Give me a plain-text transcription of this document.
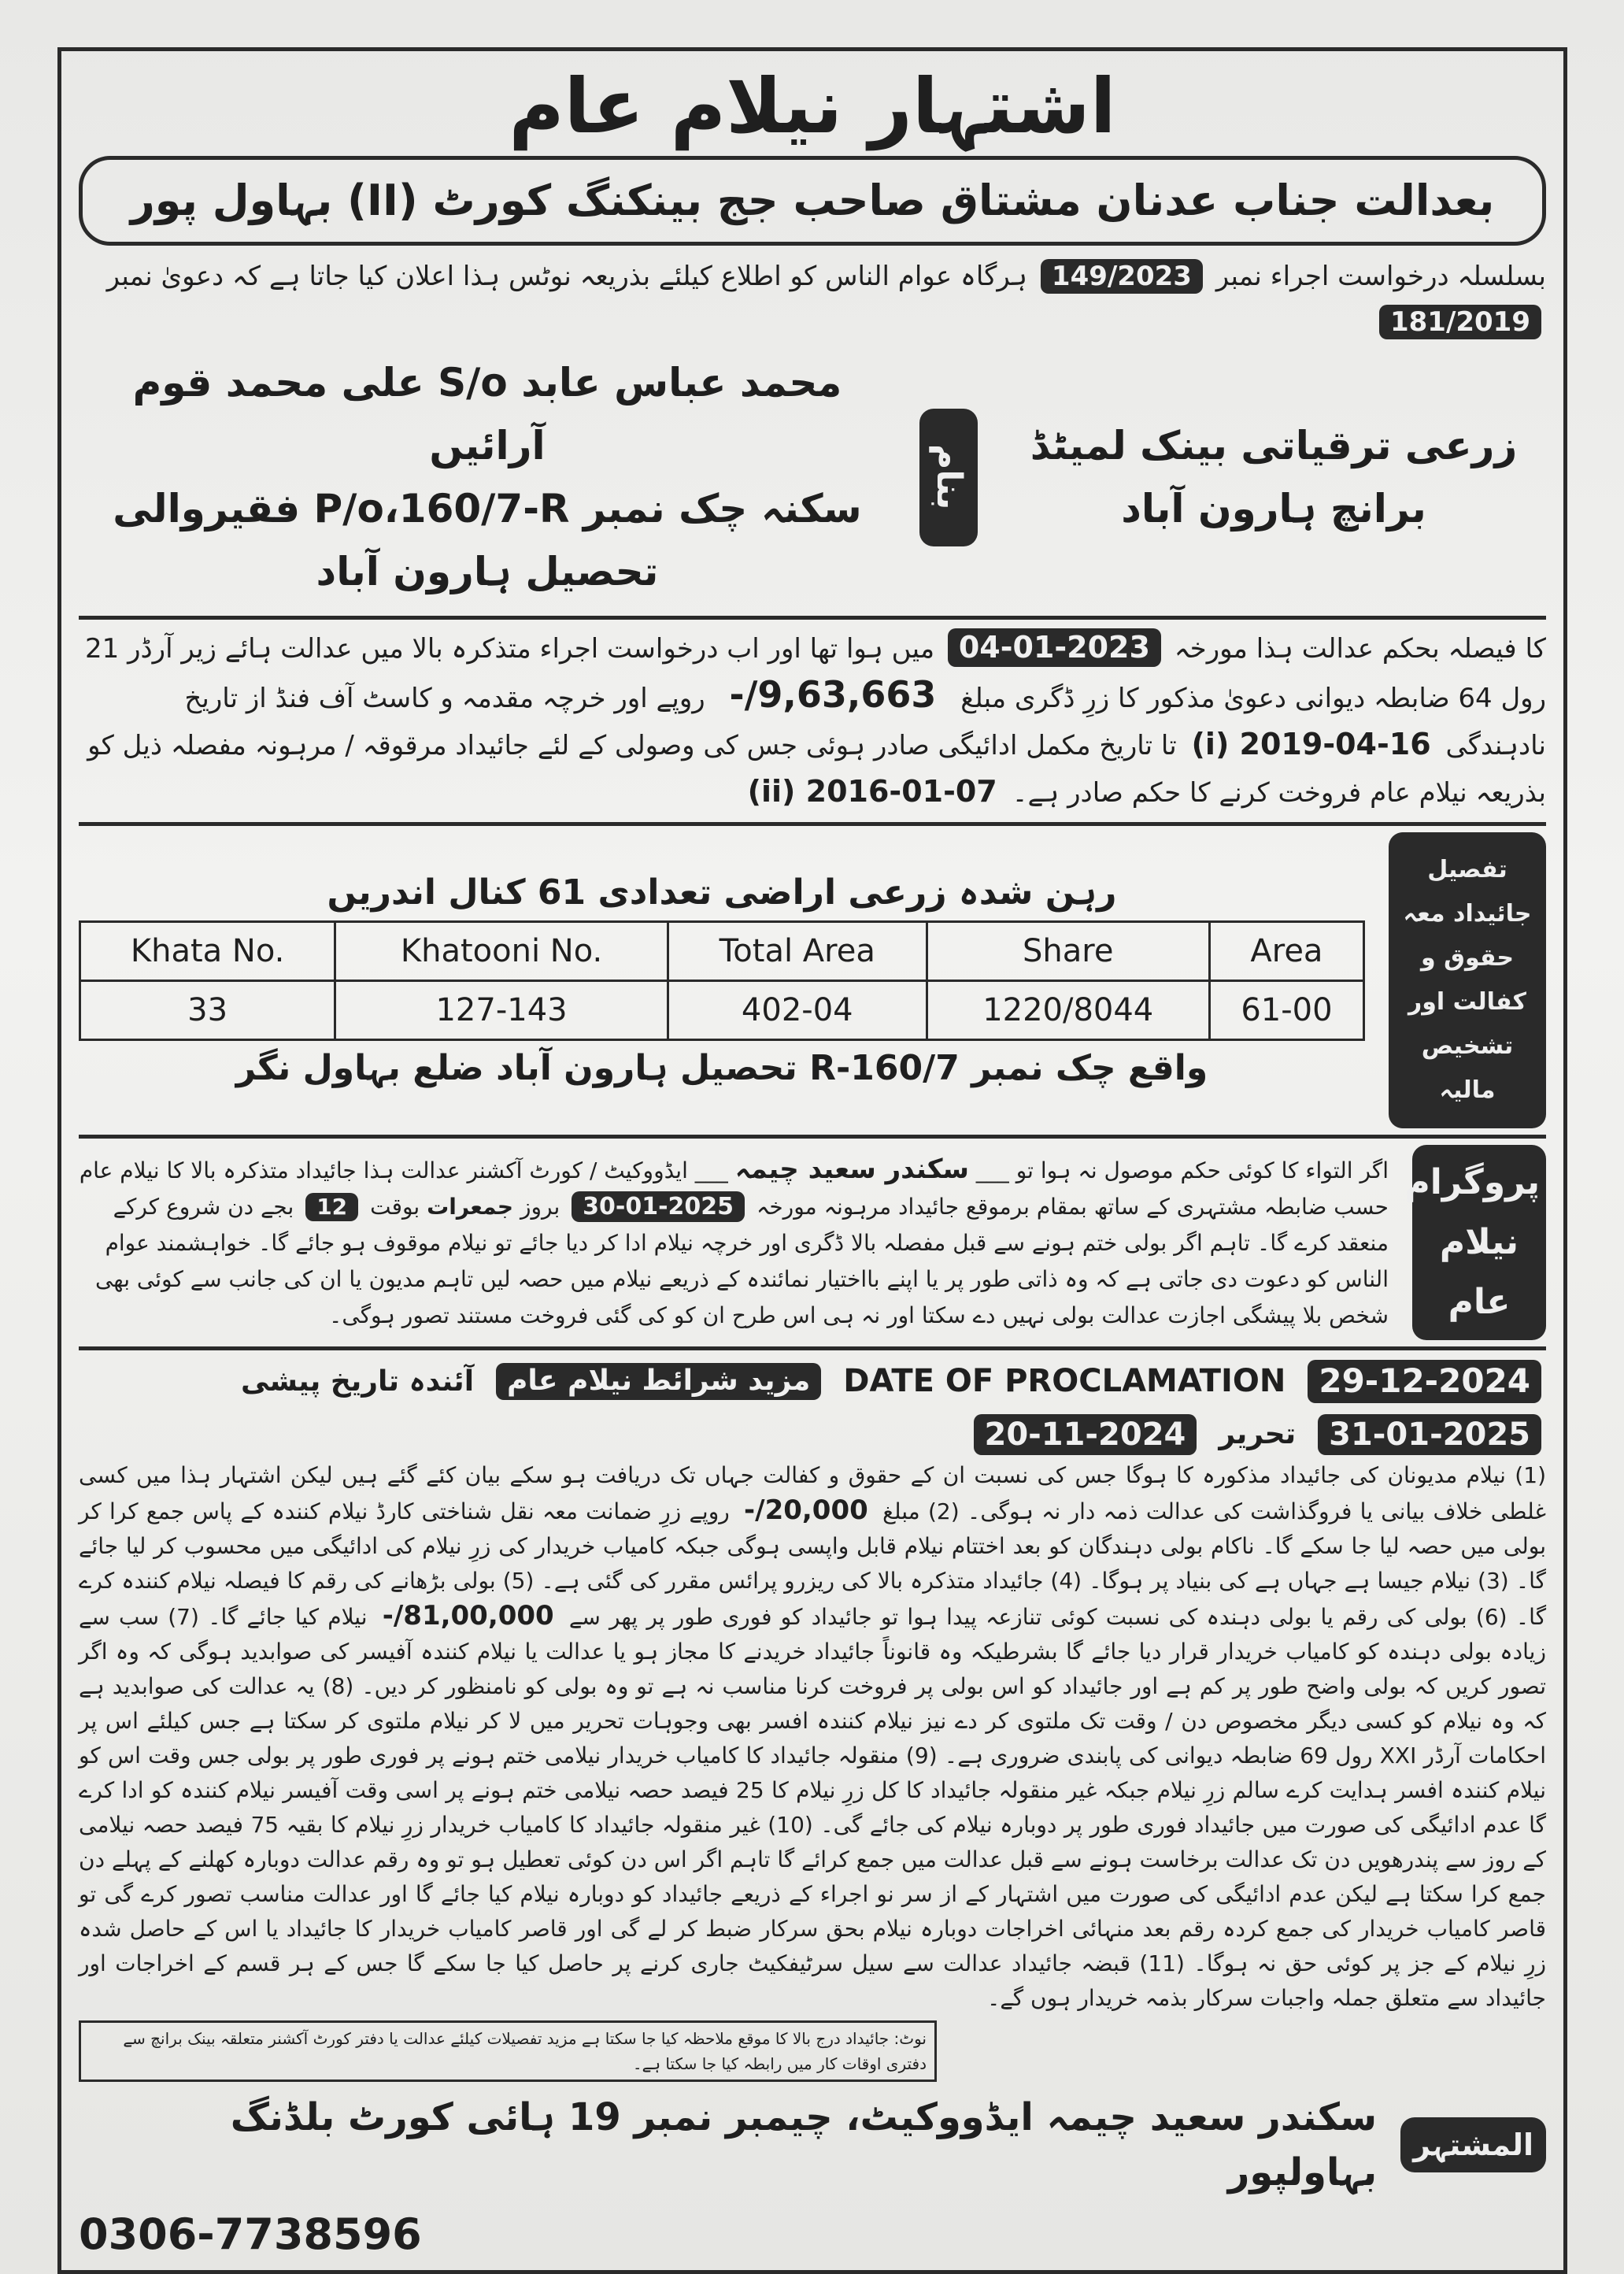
اشتہار نیلام عام
بعدالت جناب عدنان مشتاق صاحب جج بینکنگ کورٹ (II) بہاول پور
بسلسلہ درخواست اجراء نمبر 149/2023 ہرگاہ عوام الناس کو اطلاع کیلئے بذریعہ نوٹس ہذا اعلان کیا جاتا ہے کہ دعویٰ نمبر 181/2019
زرعی ترقیاتی بینک لمیٹڈ
برانچ ہارون آباد
بنام
محمد عباس عابد S/o علی محمد قوم آرائیں
سکنہ چک نمبر P/o،160/7-R فقیروالی تحصیل ہارون آباد
کا فیصلہ بحکم عدالت ہذا مورخہ 04-01-2023 میں ہوا تھا اور اب درخواست اجراء متذکرہ بالا میں عدالت ہائے زیر آرڈر 21 رول 64 ضابطہ دیوانی دعویٰ مذکور کا زرِ ڈگری مبلغ 9,63,663/- روپے اور خرچہ مقدمہ و کاسٹ آف فنڈ از تاریخ نادہندگی 16-04-2019 (i) تا تاریخ مکمل ادائیگی صادر ہوئی جس کی وصولی کے لئے جائیداد مرقوقہ / مرہونہ مفصلہ ذیل کو بذریعہ نیلام عام فروخت کرنے کا حکم صادر ہے۔ 07-01-2016 (ii)
تفصیل جائیداد معہ حقوق و کفالت اور تشخیص مالیہ
رہن شدہ زرعی اراضی تعدادی 61 کنال اندریں
Khata No.	Khatooni No.	Total Area	Share	Area
33	127-143	402-04	1220/8044	61-00
واقع چک نمبر 160/7-R تحصیل ہارون آباد ضلع بہاول نگر
پروگرام نیلام عام
اگر التواء کا کوئی حکم موصول نہ ہوا تو ___ سکندر سعید چیمہ ___ ایڈووکیٹ / کورٹ آکشنر عدالت ہذا جائیداد متذکرہ بالا کا نیلام عام حسب ضابطہ مشتہری کے ساتھ بمقام برموقع جائیداد مرہونہ مورخہ 30-01-2025 بروز جمعرات بوقت 12 بجے دن شروع کرکے منعقد کرے گا۔ تاہم اگر بولی ختم ہونے سے قبل مفصلہ بالا ڈگری اور خرچہ نیلام ادا کر دیا جائے تو نیلام موقوف ہو جائے گا۔ خواہشمند عوام الناس کو دعوت دی جاتی ہے کہ وہ ذاتی طور پر یا اپنے بااختیار نمائندہ کے ذریعے نیلام میں حصہ لیں تاہم مدیون یا ان کی جانب سے کوئی بھی شخص بلا پیشگی اجازت عدالت بولی نہیں دے سکتا اور نہ ہی اس طرح ان کو کی گئی فروخت مستند تصور ہوگی۔
29-12-2024
DATE OF PROCLAMATION
مزید شرائط نیلام عام
آئندہ تاریخ پیشی
31-01-2025
تحریر
20-11-2024
(1) نیلام مدیونان کی جائیداد مذکورہ کا ہوگا جس کی نسبت ان کے حقوق و کفالت جہاں تک دریافت ہو سکے بیان کئے گئے ہیں لیکن اشتہار ہذا میں کسی غلطی خلاف بیانی یا فروگذاشت کی عدالت ذمہ دار نہ ہوگی۔ (2) مبلغ 20,000/- روپے زرِ ضمانت معہ نقل شناختی کارڈ نیلام کنندہ کے پاس جمع کرا کر بولی میں حصہ لیا جا سکے گا۔ ناکام بولی دہندگان کو بعد اختتام نیلام قابل واپسی ہوگی جبکہ کامیاب خریدار کی زرِ نیلام کی ادائیگی میں محسوب کر لیا جائے گا۔ (3) نیلام جیسا ہے جہاں ہے کی بنیاد پر ہوگا۔ (4) جائیداد متذکرہ بالا کی ریزرو پرائس مقرر کی گئی ہے۔ (5) بولی بڑھانے کی رقم کا فیصلہ نیلام کنندہ کرے گا۔ (6) بولی کی رقم یا بولی دہندہ کی نسبت کوئی تنازعہ پیدا ہوا تو جائیداد کو فوری طور پر پھر سے 81,00,000/- نیلام کیا جائے گا۔ (7) سب سے زیادہ بولی دہندہ کو کامیاب خریدار قرار دیا جائے گا بشرطیکہ وہ قانوناً جائیداد خریدنے کا مجاز ہو یا عدالت یا نیلام کنندہ آفیسر کی صوابدید ہوگی کہ وہ اگر تصور کریں کہ بولی واضح طور پر کم ہے اور جائیداد کو اس بولی پر فروخت کرنا مناسب نہ ہے تو وہ بولی کو نامنظور کر دیں۔ (8) یہ عدالت کی صوابدید ہے کہ وہ نیلام کو کسی دیگر مخصوص دن / وقت تک ملتوی کر دے نیز نیلام کنندہ افسر بھی وجوہات تحریر میں لا کر نیلام ملتوی کر سکتا ہے جس کیلئے اس پر احکامات آرڈر XXI رول 69 ضابطہ دیوانی کی پابندی ضروری ہے۔ (9) منقولہ جائیداد کا کامیاب خریدار نیلامی ختم ہونے پر فوری طور پر بولی جس وقت اس کو نیلام کنندہ افسر ہدایت کرے سالم زرِ نیلام جبکہ غیر منقولہ جائیداد کا کل زرِ نیلام کا 25 فیصد حصہ نیلامی ختم ہونے پر اسی وقت آفیسر نیلام کنندہ کو ادا کرے گا عدم ادائیگی کی صورت میں جائیداد فوری طور پر دوبارہ نیلام کی جائے گی۔ (10) غیر منقولہ جائیداد کا کامیاب خریدار زرِ نیلام کا بقیہ 75 فیصد حصہ نیلامی کے روز سے پندرھویں دن تک عدالت برخاست ہونے سے قبل عدالت میں جمع کرائے گا تاہم اگر اس دن کوئی تعطیل ہو تو وہ رقم عدالت دوبارہ کھلنے کے پہلے دن جمع کرا سکتا ہے لیکن عدم ادائیگی کی صورت میں اشتہار کے از سر نو اجراء کے ذریعے جائیداد کو دوبارہ نیلام کیا جائے گا اور عدالت مناسب تصور کرے گی تو قاصر کامیاب خریدار کی جمع کردہ رقم بعد منہائی اخراجات دوبارہ نیلام بحق سرکار ضبط کر لے گی اور قاصر کامیاب خریدار کا جائیداد یا اس کے حاصل شدہ زرِ نیلام کے جز پر کوئی حق نہ ہوگا۔ (11) قبضہ جائیداد عدالت سے سیل سرٹیفکیٹ جاری کرنے پر حاصل کیا جا سکے گا جس کے ہر قسم کے اخراجات اور جائیداد سے متعلق جملہ واجبات سرکار بذمہ خریدار ہوں گے۔
نوٹ: جائیداد درج بالا کا موقع ملاحظہ کیا جا سکتا ہے مزید تفصیلات کیلئے عدالت یا دفتر کورٹ آکشنر متعلقہ بینک برانچ سے دفتری اوقات کار میں رابطہ کیا جا سکتا ہے۔
المشتہر
سکندر سعید چیمہ ایڈووکیٹ، چیمبر نمبر 19 ہائی کورٹ بلڈنگ بہاولپور
0306-7738596
